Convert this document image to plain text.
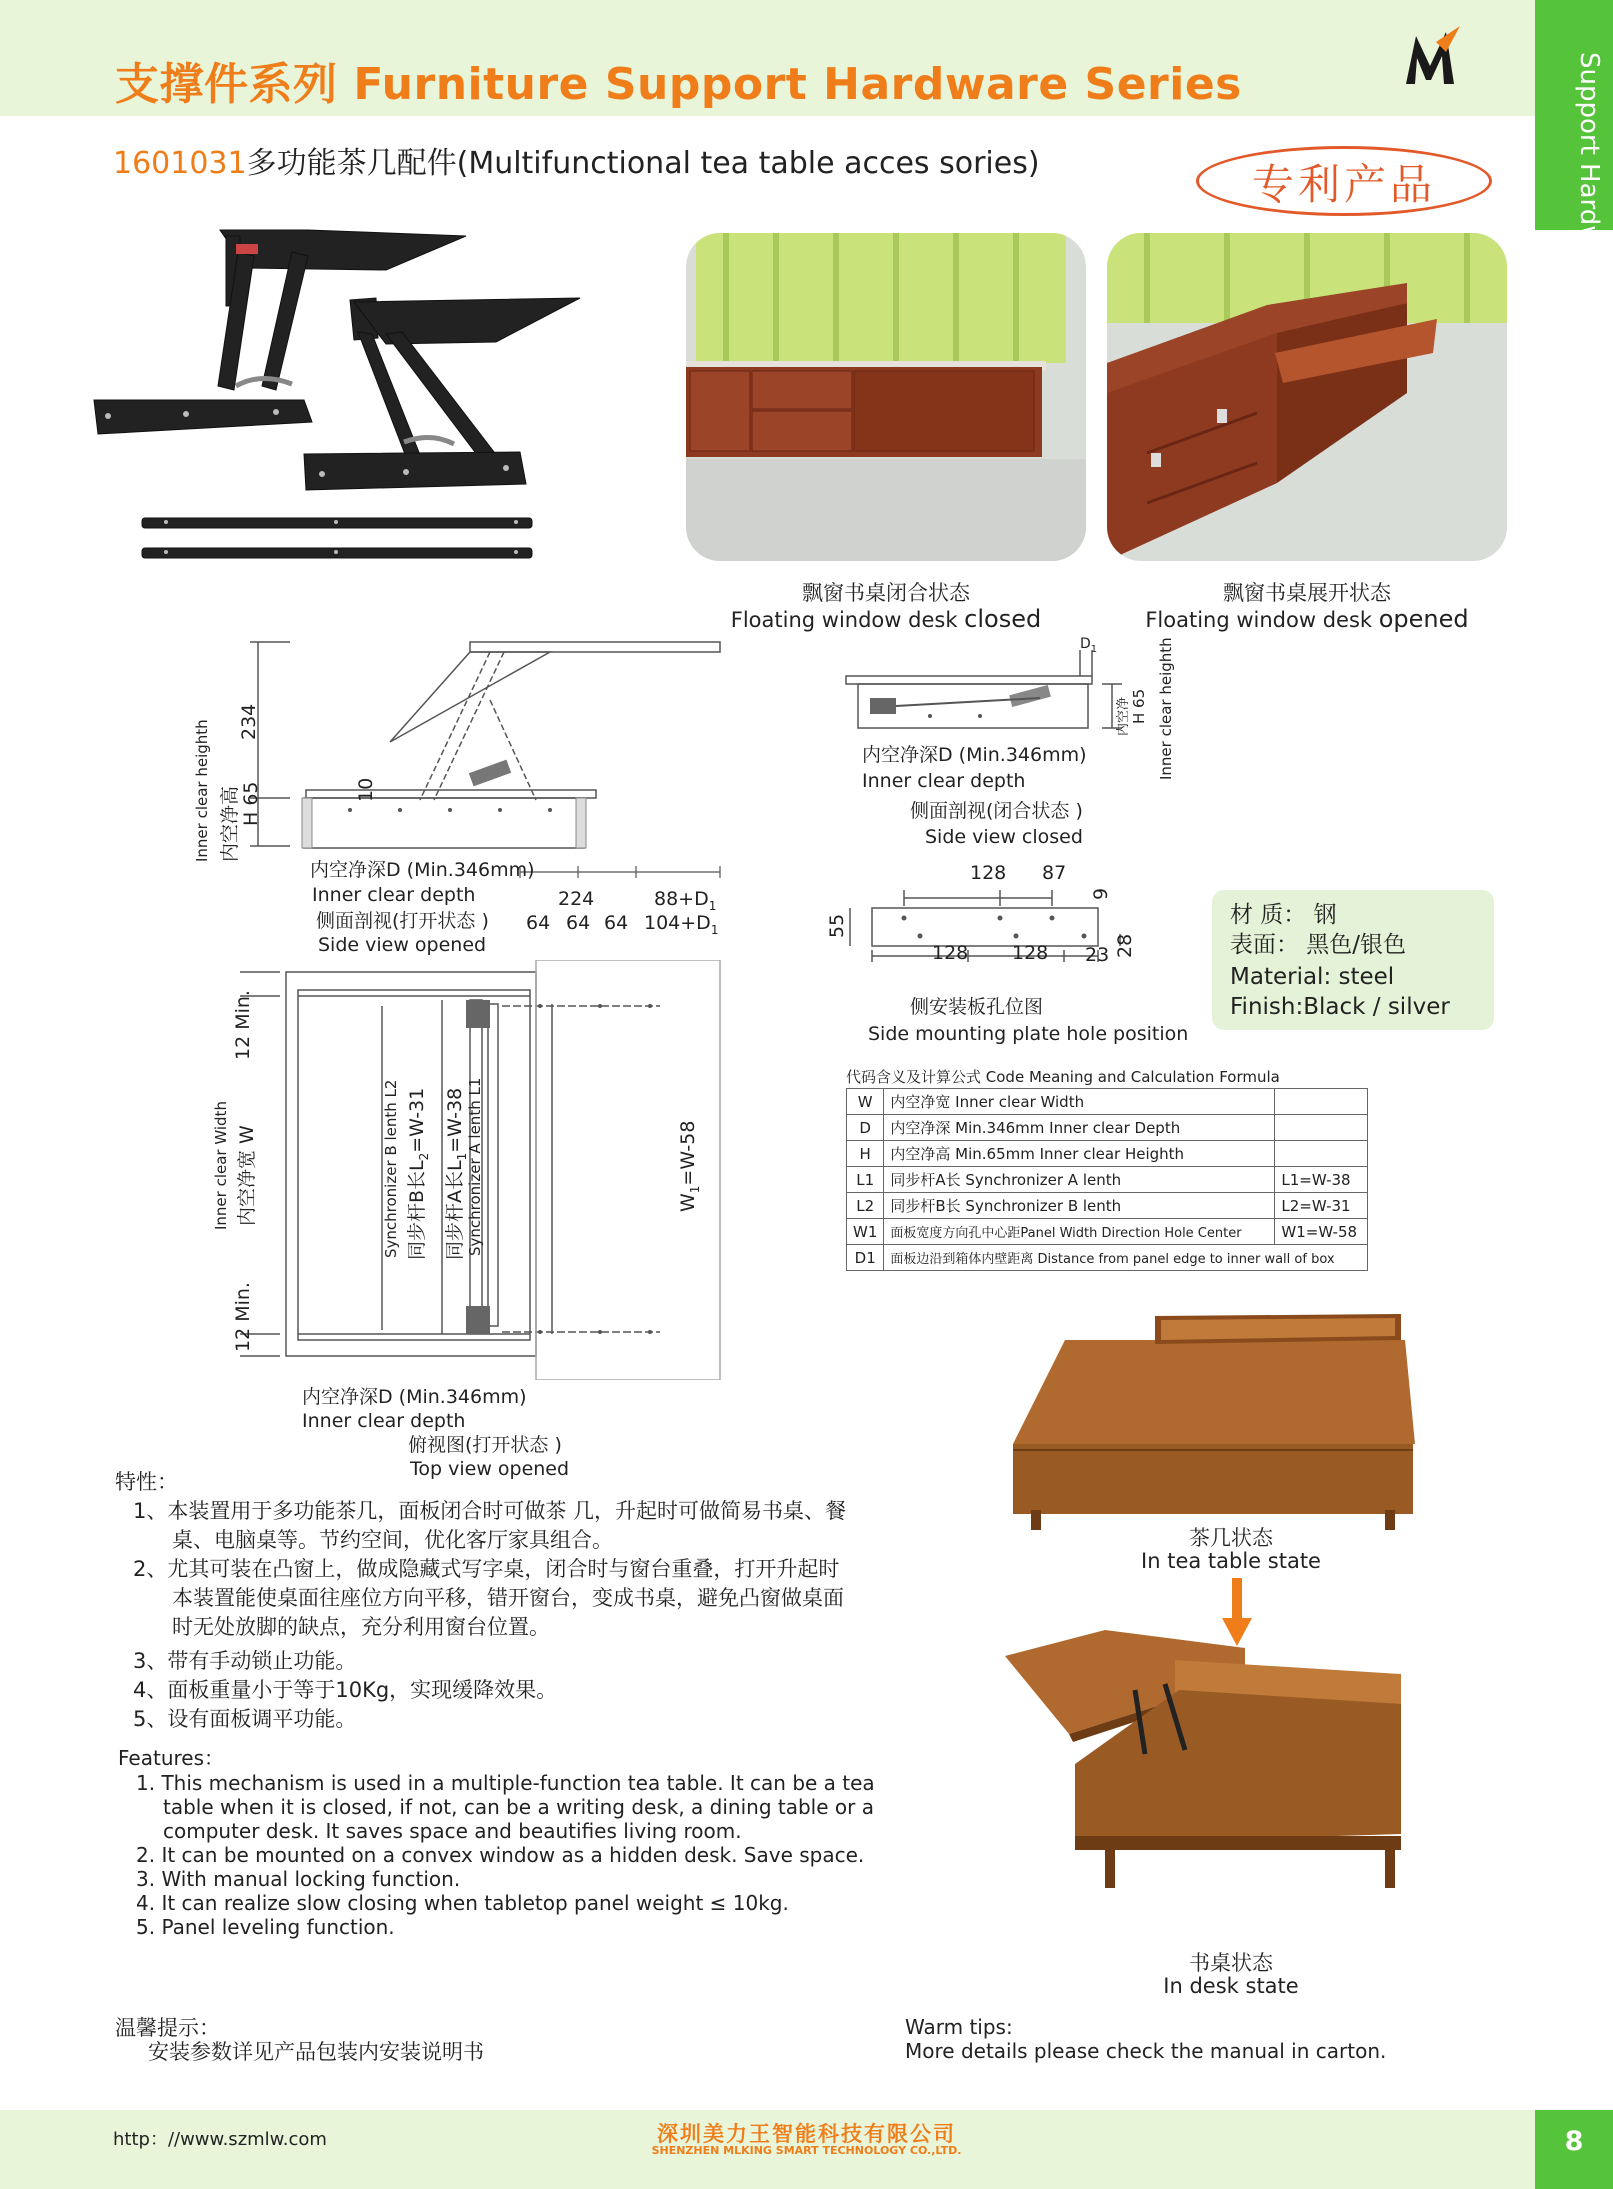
支撑件系列 Furniture Support Hardware Series	Support Hardware
1601031多功能茶几配件(Multifunctional tea table acces sories)	专利产品
飘窗书桌闭合状态
Floating window desk closed
飘窗书桌展开状态
Floating window desk opened
Inner clear heighth 内空净高 H 65
234
10
内空净深D (Min.346mm)
Inner clear depth
侧面剖视(打开状态 )
Side view opened
224	$88+D_1$
64 64 64 $104+D_1$
$D_1$
内空净 H 65 Inner clear heighth
内空净深D (Min.346mm)
Inner clear depth
侧面剖视(闭合状态 )
Side view closed
128 87
9
55
28
128 128 23
侧安装板孔位图
Side mounting plate hole position
材 质： 钢
表面： 黑色/银色
Material: steel
Finish:Black / silver
12 Min.
12 Min.
Inner clear Width 内空净宽 W	Synchronizer B lenth L2 同步杆B长$L_2=W-31$
同步杆A长$L_1=W-38$ Synchronizer A lenth L1	$W_1=W-58$
内空净深D (Min.346mm)
Inner clear depth
俯视图(打开状态 )
Top view opened
代码含义及计算公式 Code Meaning and Calculation Formula
W	内空净宽 Inner clear Width	
D	内空净深 Min.346mm Inner clear Depth	
H	内空净高 Min.65mm Inner clear Heighth	
L1	同步杆A长 Synchronizer A lenth	L1=W-38
L2	同步杆B长 Synchronizer B lenth	L2=W-31
W1	面板宽度方向孔中心距Panel Width Direction Hole Center	W1=W-58
D1	面板边沿到箱体内壁距离 Distance from panel edge to inner wall of box	
茶几状态
In tea table state
书桌状态
In desk state
特性：
1、本装置用于多功能茶几，面板闭合时可做茶 几，升起时可做简易书桌、餐
桌、电脑桌等。节约空间，优化客厅家具组合。
2、尤其可装在凸窗上，做成隐藏式写字桌，闭合时与窗台重叠，打开升起时
本装置能使桌面往座位方向平移，错开窗台，变成书桌，避免凸窗做桌面
时无处放脚的缺点，充分利用窗台位置。
3、带有手动锁止功能。
4、面板重量小于等于10Kg，实现缓降效果。
5、设有面板调平功能。
Features：
1. This mechanism is used in a multiple-function tea table. It can be a tea
table when it is closed, if not, can be a writing desk, a dining table or a
computer desk. It saves space and beautifies living room.
2. It can be mounted on a convex window as a hidden desk. Save space.
3. With manual locking function.
4. It can realize slow closing when tabletop panel weight ≤ 10kg.
5. Panel leveling function.
温馨提示：
安装参数详见产品包装内安装说明书
Warm tips:
More details please check the manual in carton.
http：//www.szmlw.com	深圳美力王智能科技有限公司
SHENZHEN MLKING SMART TECHNOLOGY CO.,LTD.	8
